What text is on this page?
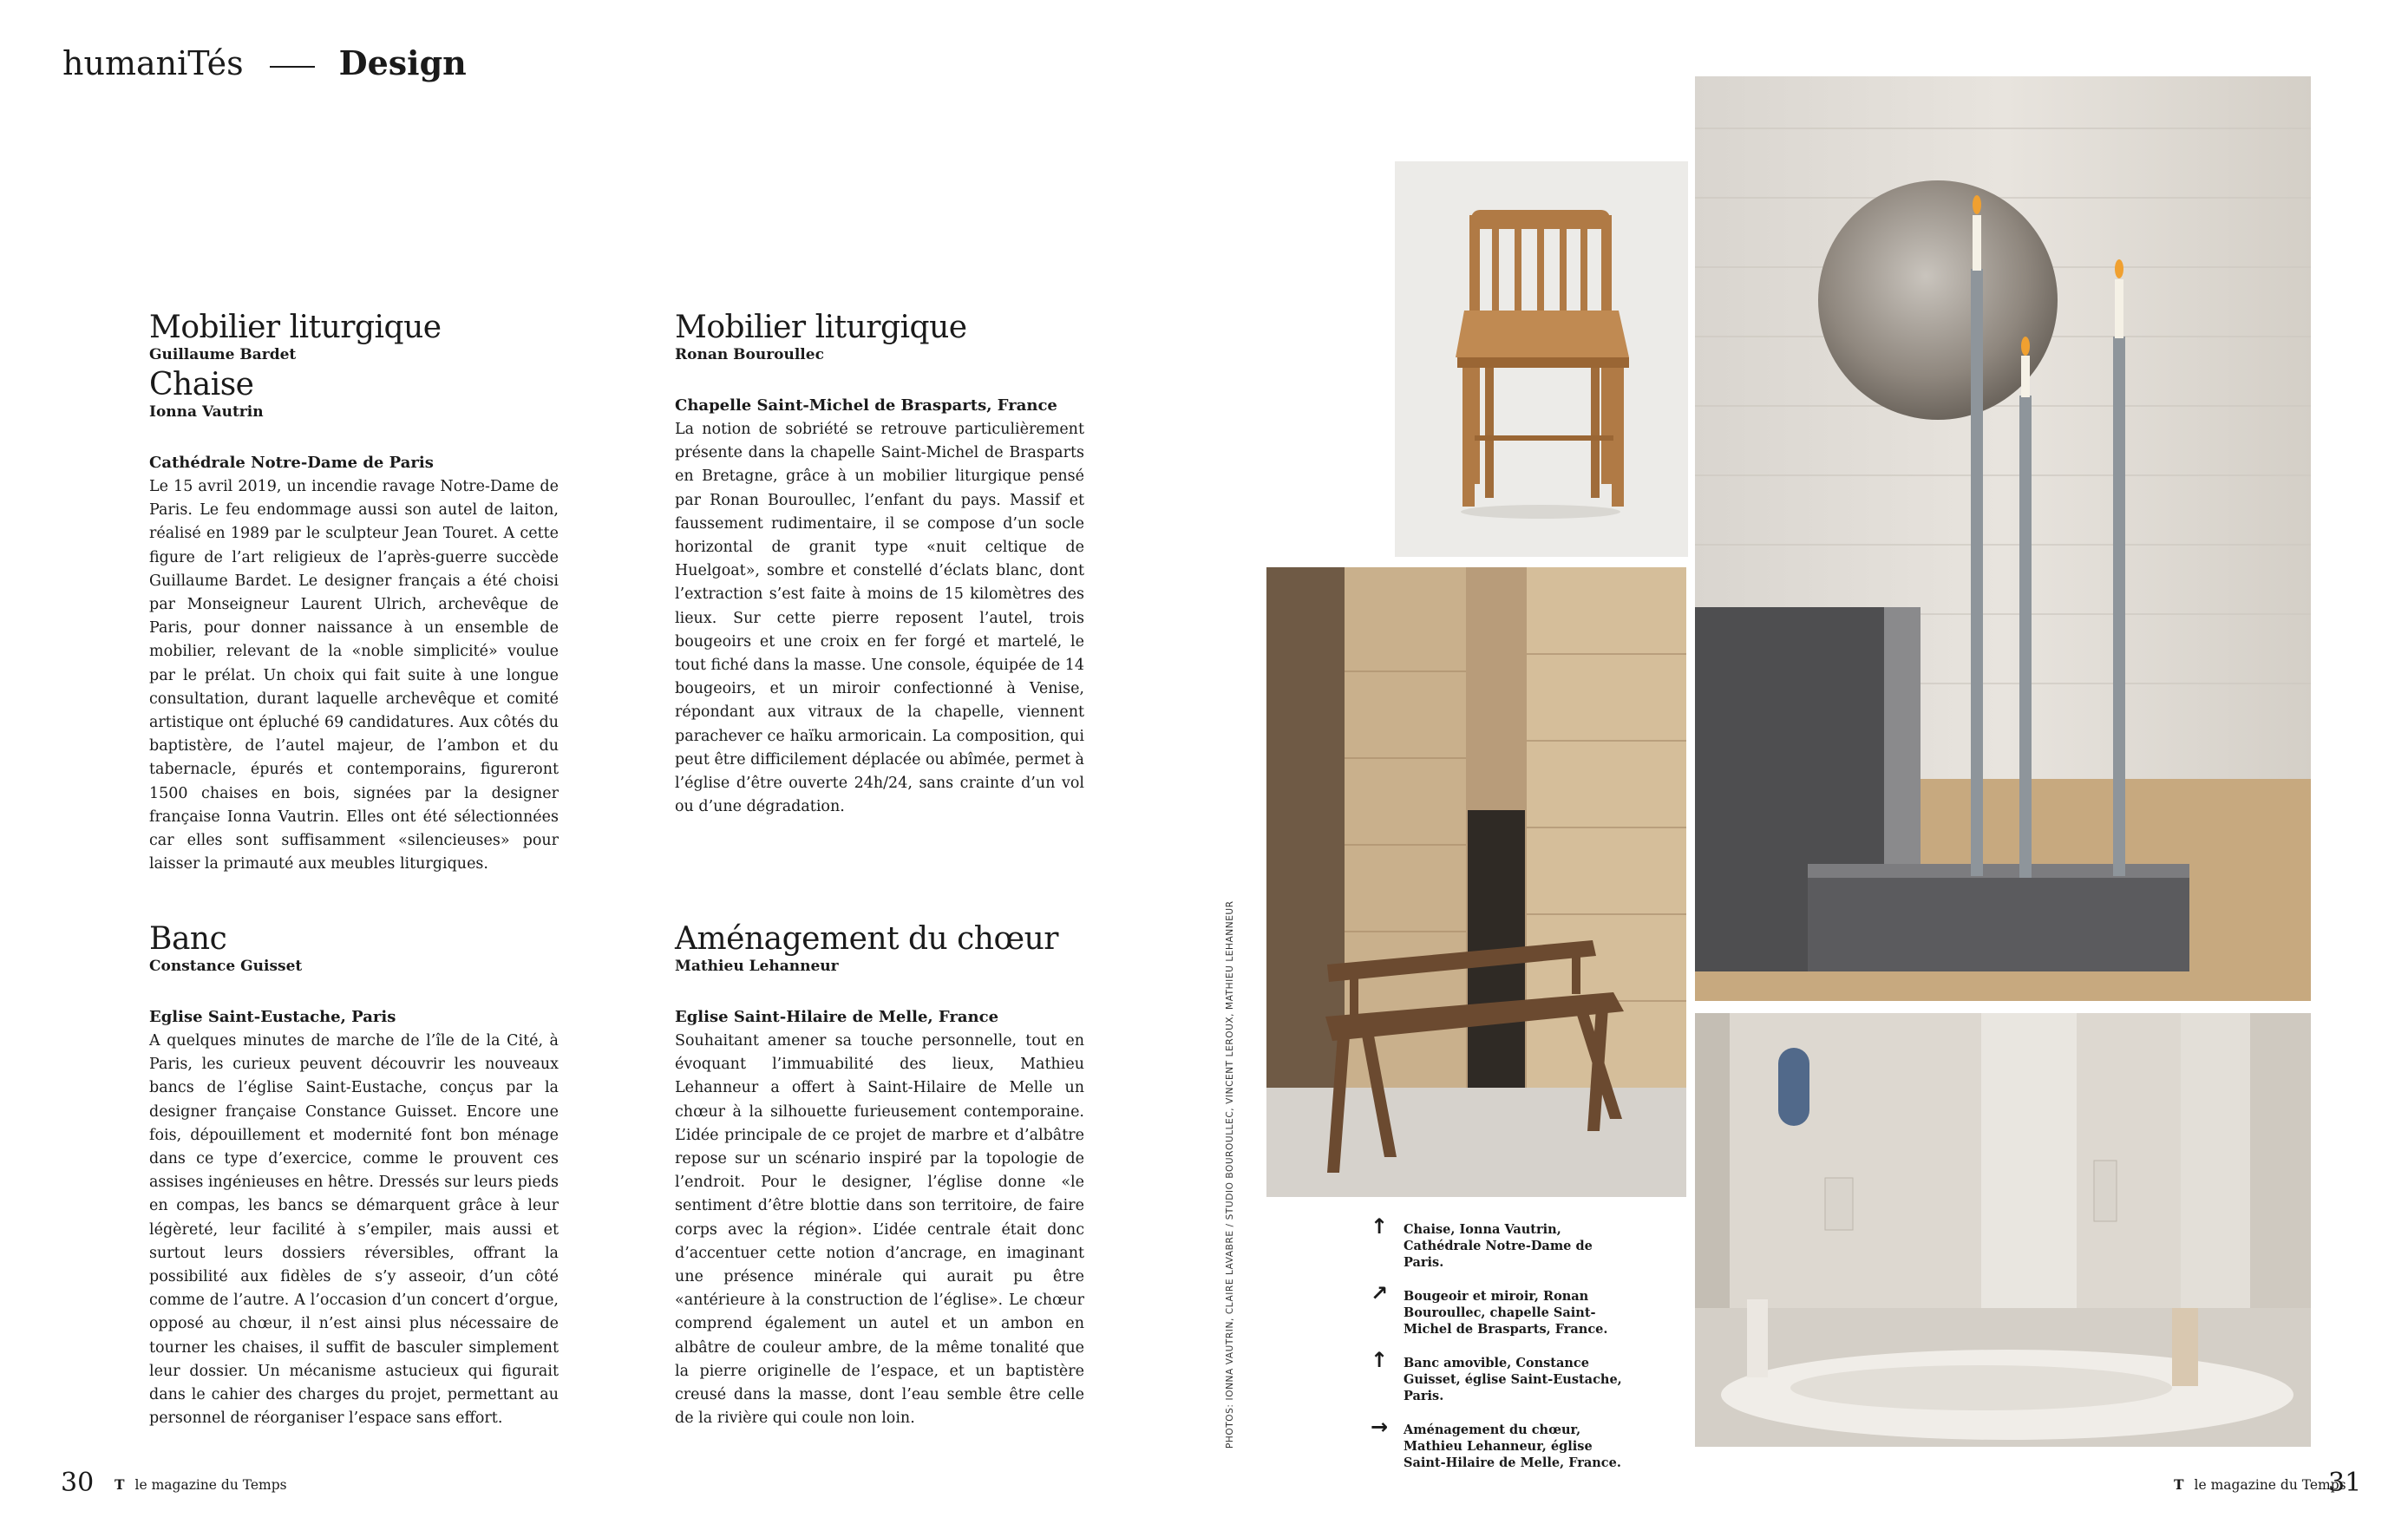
humaniTés	Design

Mobilier liturgique

Guillaume Bardet

Chaise

Ionna Vautrin

Cathédrale Notre-Dame de Paris

Le 15 avril 2019, un incendie ravage Notre-Dame de Paris. Le feu endommage aussi son autel de laiton, réalisé en 1989 par le sculpteur Jean Touret. A cette figure de l’art religieux de l’après-guerre succède Guillaume Bardet. Le designer français a été choisi par Monseigneur Laurent Ulrich, archevêque de Paris, pour donner naissance à un ensemble de mobilier, relevant de la «noble simplicité» voulue par le prélat. Un choix qui fait suite à une longue consultation, durant laquelle archevêque et comité artistique ont épluché 69 candidatures. Aux côtés du baptistère, de l’autel majeur, de l’ambon et du tabernacle, épurés et contemporains, figureront 1500 chaises en bois, signées par la designer française Ionna Vautrin. Elles ont été sélectionnées car elles sont suffisamment «silencieuses» pour laisser la primauté aux meubles liturgiques.

Mobilier liturgique

Ronan Bouroullec

Chapelle Saint-Michel de Brasparts, France

La notion de sobriété se retrouve particulièrement présente dans la chapelle Saint-Michel de Brasparts en Bretagne, grâce à un mobilier liturgique pensé par Ronan Bouroullec, l’enfant du pays. Massif et faussement rudimentaire, il se compose d’un socle horizontal de granit type «nuit celtique de Huelgoat», sombre et constellé d’éclats blanc, dont l’extraction s’est faite à moins de 15 kilomètres des lieux. Sur cette pierre reposent l’autel, trois bougeoirs et une croix en fer forgé et martelé, le tout fiché dans la masse. Une console, équipée de 14 bougeoirs, et un miroir confectionné à Venise, répondant aux vitraux de la chapelle, viennent parachever ce haïku armoricain. La composition, qui peut être difficilement déplacée ou abîmée, permet à l’église d’être ouverte 24h/24, sans crainte d’un vol ou d’une dégradation.

Banc

Constance Guisset

Eglise Saint-Eustache, Paris

A quelques minutes de marche de l’île de la Cité, à Paris, les curieux peuvent découvrir les nouveaux bancs de l’église Saint-Eustache, conçus par la designer française Constance Guisset. Encore une fois, dépouillement et modernité font bon ménage dans ce type d’exercice, comme le prouvent ces assises ingénieuses en hêtre. Dressés sur leurs pieds en compas, les bancs se démarquent grâce à leur légèreté, leur facilité à s’empiler, mais aussi et surtout leurs dossiers réversibles, offrant la possibilité aux fidèles de s’y asseoir, d’un côté comme de l’autre. A l’occasion d’un concert d’orgue, opposé au chœur, il n’est ainsi plus nécessaire de tourner les chaises, il suffit de basculer simplement leur dossier. Un mécanisme astucieux qui figurait dans le cahier des charges du projet, permettant au personnel de réorganiser l’espace sans effort.

Aménagement du chœur

Mathieu Lehanneur

Eglise Saint-Hilaire de Melle, France

Souhaitant amener sa touche personnelle, tout en évoquant l’immuabilité des lieux, Mathieu Lehanneur a offert à Saint-Hilaire de Melle un chœur à la silhouette furieusement contemporaine. L’idée principale de ce projet de marbre et d’albâtre repose sur un scénario inspiré par la topologie de l’endroit. Pour le designer, l’église donne «le sentiment d’être blottie dans son territoire, de faire corps avec la région». L’idée centrale était donc d’accentuer cette notion d’ancrage, en imaginant une présence minérale qui aurait pu être «antérieure à la construction de l’église». Le chœur comprend également un autel et un ambon en albâtre de couleur ambre, de la même tonalité que la pierre originelle de l’espace, et un baptistère creusé dans la masse, dont l’eau semble être celle de la rivière qui coule non loin.

↑ Chaise, Ionna Vautrin, Cathédrale Notre-Dame de Paris.
↗ Bougeoir et miroir, Ronan Bouroullec, chapelle Saint-Michel de Brasparts, France.
↑ Banc amovible, Constance Guisset, église Saint-Eustache, Paris.
→ Aménagement du chœur, Mathieu Lehanneur, église Saint-Hilaire de Melle, France.
PHOTOS: IONNA VAUTRIN, CLAIRE LAVABRE / STUDIO BOUROULLEC, VINCENT LEROUX, MATHIEU LEHANNEUR
30 T le magazine du Temps	T le magazine du Temps
31
